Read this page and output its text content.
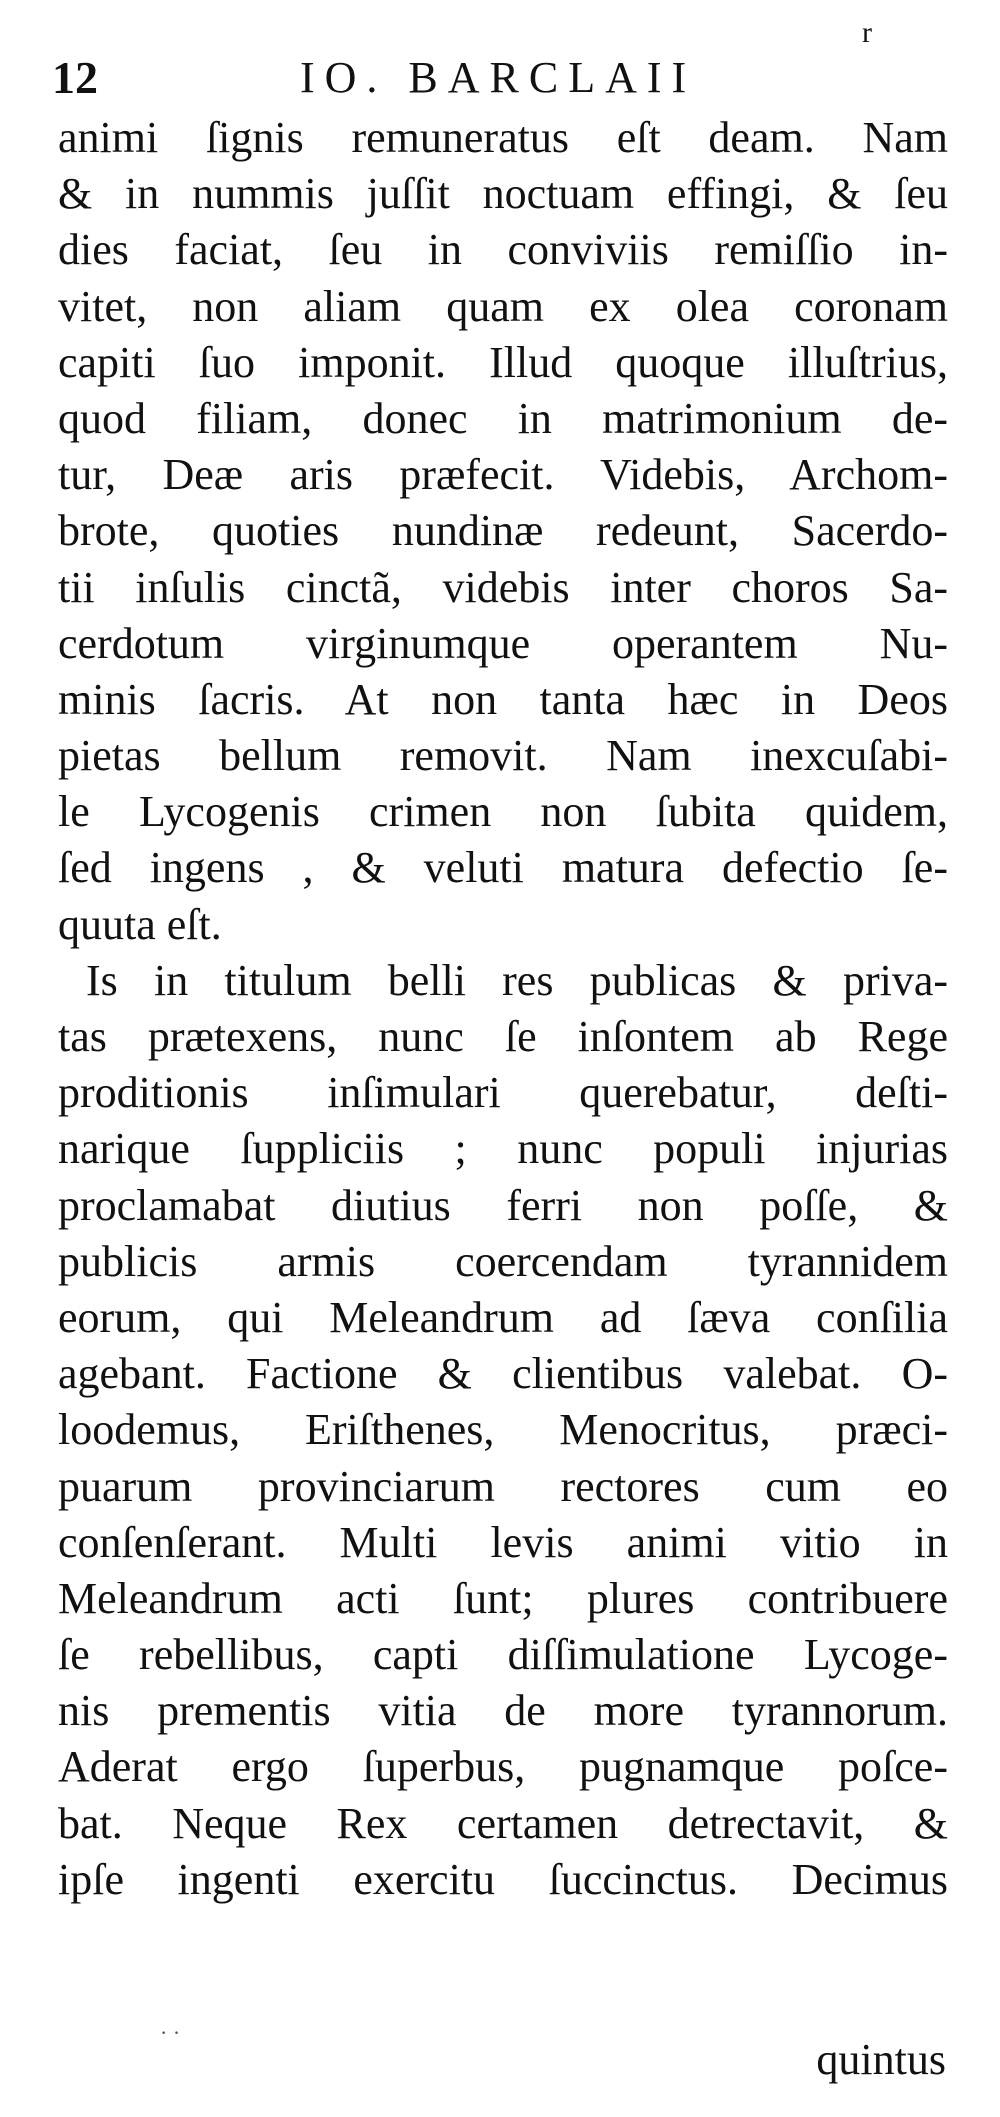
r
12	IO. BARCLAII
animi ſignis remuneratus eſt deam. Nam
& in nummis juſſit noctuam effingi, & ſeu
dies faciat, ſeu in conviviis remiſſio in-
vitet, non aliam quam ex olea coronam
capiti ſuo imponit. Illud quoque illuſtrius,
quod filiam, donec in matrimonium de-
tur, Deæ aris præfecit. Videbis, Archom-
brote, quoties nundinæ redeunt, Sacerdo-
tii inſulis cinctã, videbis inter choros Sa-
cerdotum virginumque operantem Nu-
minis ſacris. At non tanta hæc in Deos
pietas bellum removit. Nam inexcuſabi-
le Lycogenis crimen non ſubita quidem,
ſed ingens , & veluti matura defectio ſe-
quuta eſt.
Is in titulum belli res publicas & priva-
tas prætexens, nunc ſe inſontem ab Rege
proditionis inſimulari querebatur, deſti-
narique ſuppliciis ; nunc populi injurias
proclamabat diutius ferri non poſſe, &
publicis armis coercendam tyrannidem
eorum, qui Meleandrum ad ſæva conſilia
agebant. Factione & clientibus valebat. O-
loodemus, Eriſthenes, Menocritus, præci-
puarum provinciarum rectores cum eo
conſenſerant. Multi levis animi vitio in
Meleandrum acti ſunt; plures contribuere
ſe rebellibus, capti diſſimulatione Lycoge-
nis prementis vitia de more tyrannorum.
Aderat ergo ſuperbus, pugnamque poſce-
bat. Neque Rex certamen detrectavit, &
ipſe ingenti exercitu ſuccinctus. Decimus
· ·
quintus
